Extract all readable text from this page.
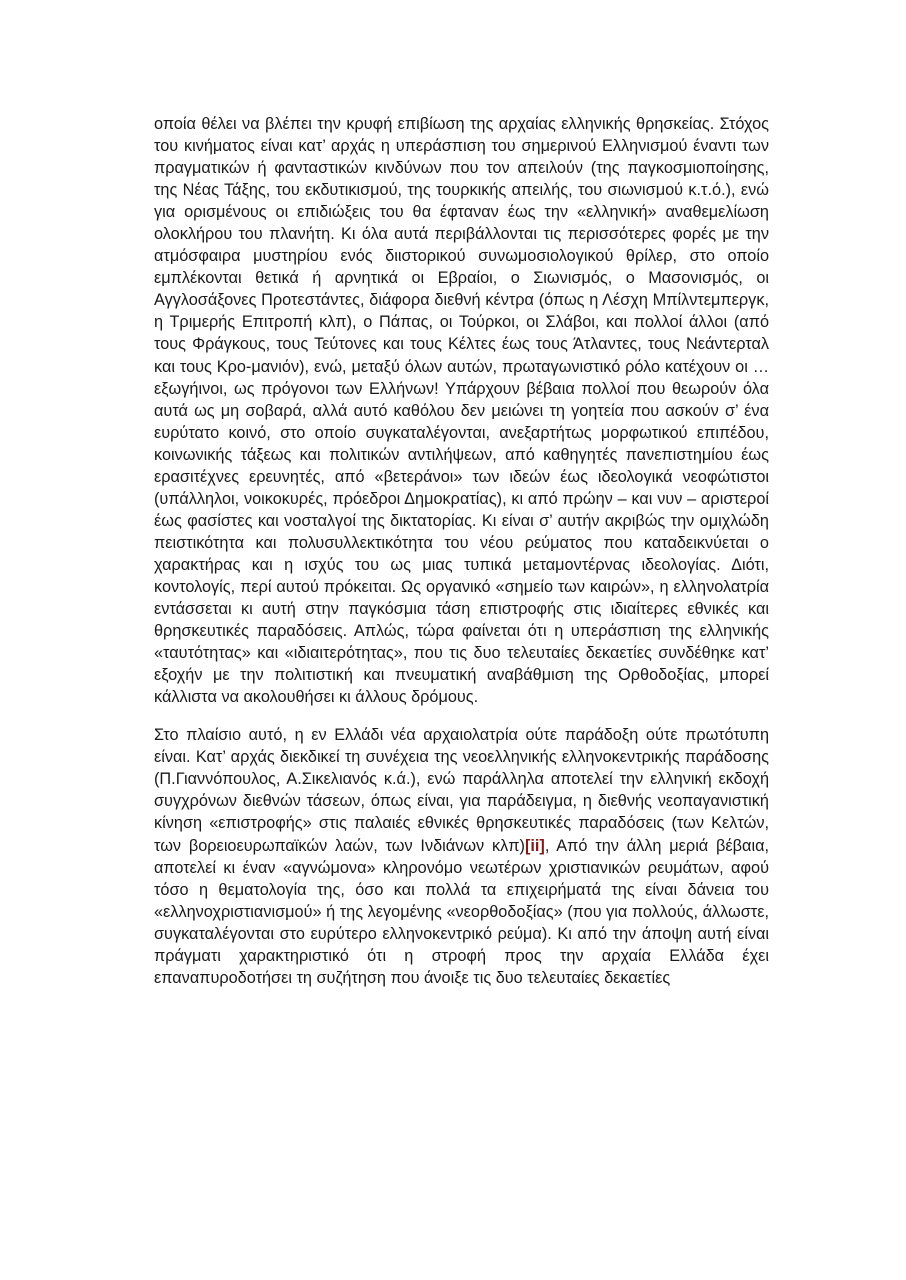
οποία θέλει να βλέπει την κρυφή επιβίωση της αρχαίας ελληνικής θρησκείας. Στόχος του κινήματος είναι κατ’ αρχάς η υπεράσπιση του σημερινού Ελληνισμού έναντι των πραγματικών ή φανταστικών κινδύνων που τον απειλούν (της παγκοσμιοποίησης, της Νέας Τάξης, του εκδυτικισμού, της τουρκικής απειλής, του σιωνισμού κ.τ.ό.), ενώ για ορισμένους οι επιδιώξεις του θα έφταναν έως την «ελληνική» αναθεμελίωση ολοκλήρου του πλανήτη. Κι όλα αυτά περιβάλλονται τις περισσότερες φορές με την ατμόσφαιρα μυστηρίου ενός διιστορικού συνωμοσιολογικού θρίλερ, στο οποίο εμπλέκονται θετικά ή αρνητικά οι Εβραίοι, ο Σιωνισμός, ο Μασονισμός, οι Αγγλοσάξονες Προτεστάντες, διάφορα διεθνή κέντρα (όπως η Λέσχη Μπίλντεμπεργκ, η Τριμερής Επιτροπή κλπ), ο Πάπας, οι Τούρκοι, οι Σλάβοι, και πολλοί άλλοι (από τους Φράγκους, τους Τεύτονες και τους Κέλτες έως τους Άτλαντες, τους Νεάντερταλ και τους Κρο-μανιόν), ενώ, μεταξύ όλων αυτών, πρωταγωνιστικό ρόλο κατέχουν οι …εξωγήινοι, ως πρόγονοι των Ελλήνων! Υπάρχουν βέβαια πολλοί που θεωρούν όλα αυτά ως μη σοβαρά, αλλά αυτό καθόλου δεν μειώνει τη γοητεία που ασκούν σ’ ένα ευρύτατο κοινό, στο οποίο συγκαταλέγονται, ανεξαρτήτως μορφωτικού επιπέδου, κοινωνικής τάξεως και πολιτικών αντιλήψεων, από καθηγητές πανεπιστημίου έως ερασιτέχνες ερευνητές, από «βετεράνοι» των ιδεών έως ιδεολογικά νεοφώτιστοι (υπάλληλοι, νοικοκυρές, πρόεδροι Δημοκρατίας), κι από πρώην – και νυν – αριστεροί έως φασίστες και νοσταλγοί της δικτατορίας. Κι είναι σ’ αυτήν ακριβώς την ομιχλώδη πειστικότητα και πολυσυλλεκτικότητα του νέου ρεύματος που καταδεικνύεται ο χαρακτήρας και η ισχύς του ως μιας τυπικά μεταμοντέρνας ιδεολογίας. Διότι, κοντολογίς, περί αυτού πρόκειται. Ως οργανικό «σημείο των καιρών», η ελληνολατρία εντάσσεται κι αυτή στην παγκόσμια τάση επιστροφής στις ιδιαίτερες εθνικές και θρησκευτικές παραδόσεις. Απλώς, τώρα φαίνεται ότι η υπεράσπιση της ελληνικής «ταυτότητας» και «ιδιαιτερότητας», που τις δυο τελευταίες δεκαετίες συνδέθηκε κατ’ εξοχήν με την πολιτιστική και πνευματική αναβάθμιση της Ορθοδοξίας, μπορεί κάλλιστα να ακολουθήσει κι άλλους δρόμους.

Στο πλαίσιο αυτό, η εν Ελλάδι νέα αρχαιολατρία ούτε παράδοξη ούτε πρωτότυπη είναι. Κατ’ αρχάς διεκδικεί τη συνέχεια της νεοελληνικής ελληνοκεντρικής παράδοσης (Π.Γιαννόπουλος, Α.Σικελιανός κ.ά.), ενώ παράλληλα αποτελεί την ελληνική εκδοχή συγχρόνων διεθνών τάσεων, όπως είναι, για παράδειγμα, η διεθνής νεοπαγανιστική κίνηση «επιστροφής» στις παλαιές εθνικές θρησκευτικές παραδόσεις (των Κελτών, των βορειοευρωπαϊκών λαών, των Ινδιάνων κλπ)[ii], Από την άλλη μεριά βέβαια, αποτελεί κι έναν «αγνώμονα» κληρονόμο νεωτέρων χριστιανικών ρευμάτων, αφού τόσο η θεματολογία της, όσο και πολλά τα επιχειρήματά της είναι δάνεια του «ελληνοχριστιανισμού» ή της λεγομένης «νεορθοδοξίας» (που για πολλούς, άλλωστε, συγκαταλέγονται στο ευρύτερο ελληνοκεντρικό ρεύμα). Κι από την άποψη αυτή είναι πράγματι χαρακτηριστικό ότι η στροφή προς την αρχαία Ελλάδα έχει επαναπυροδοτήσει τη συζήτηση που άνοιξε τις δυο τελευταίες δεκαετίες
